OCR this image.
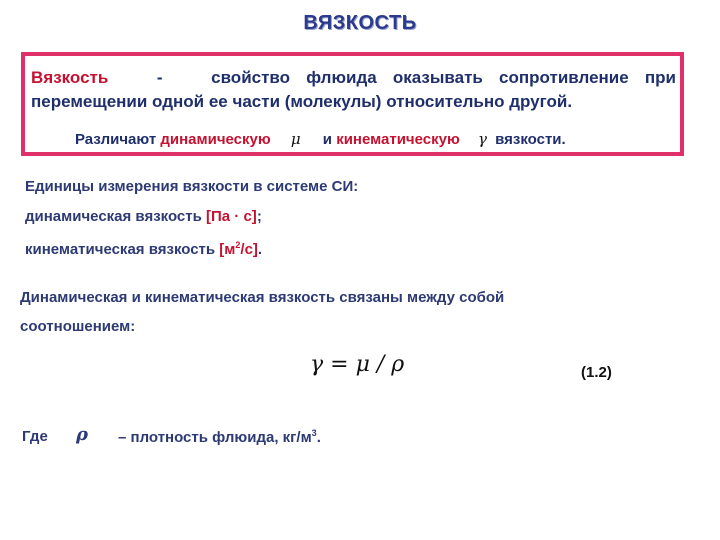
ВЯЗКОСТЬ
Вязкость	-	свойство флюида оказывать сопротивление при перемещении одной ее части (молекулы) относительно другой.
Различают динамическую μ и кинематическую γ вязкости.
Единицы измерения вязкости в системе СИ:
динамическая вязкость [Па · с];
кинематическая вязкость $[м^2/с]$.
Динамическая и кинематическая вязкость связаны между собой
соотношением:
γ = μ / ρ	(1.2)
Где ρ – плотность флюида, $кг/м^3$.
